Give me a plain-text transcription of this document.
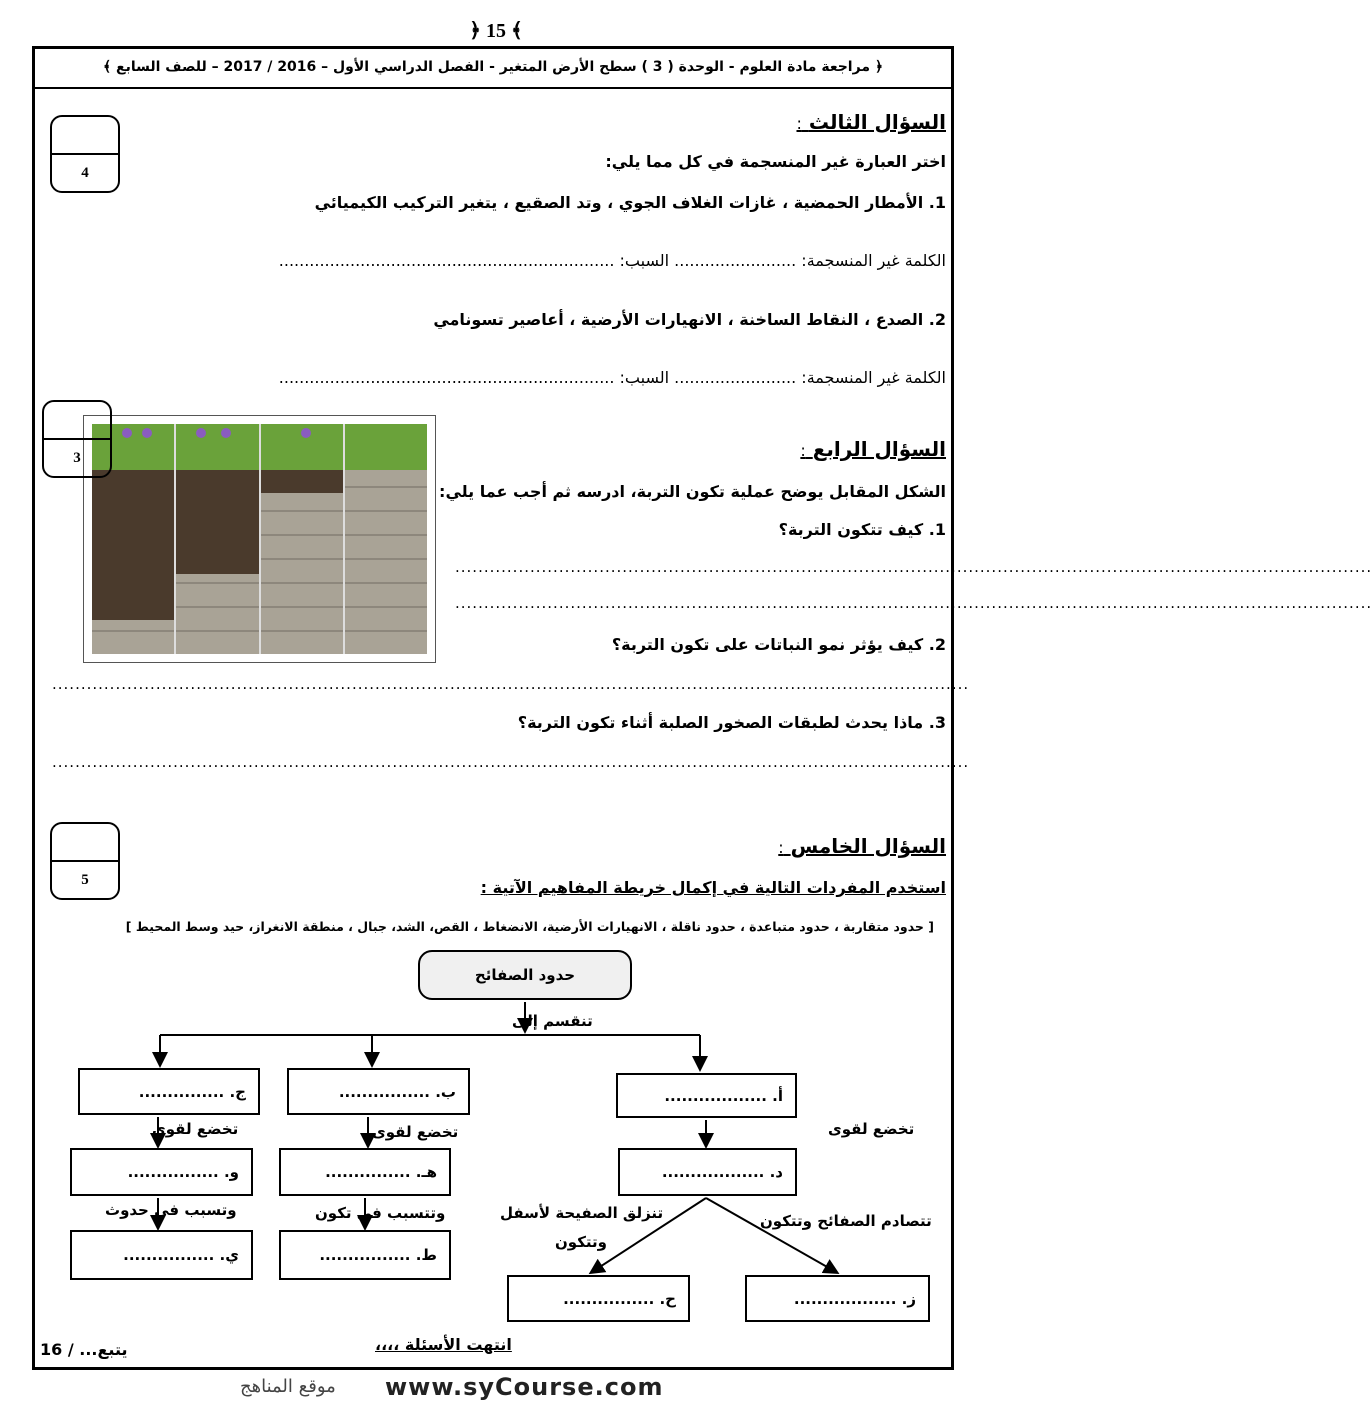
﴿ 15 ﴾
﴿ مراجعة مادة العلوم - الوحدة ( 3 ) سطح الأرض المتغير - الفصل الدراسي الأول – 2016 / 2017 – للصف السابع ﴾
4
السؤال الثالث :
اختر العبارة غير المنسجمة في كل مما يلي:
1. الأمطار الحمضية ، غازات الغلاف الجوي ، وتد الصقيع ، يتغير التركيب الكيميائي
الكلمة غير المنسجمة: ........................ السبب: ..................................................................
2. الصدع ، النقاط الساخنة ، الانهيارات الأرضية ، أعاصير تسونامي
الكلمة غير المنسجمة: ........................ السبب: ..................................................................
3	السؤال الرابع :
الشكل المقابل يوضح عملية تكون التربة، ادرسه ثم أجب عما يلي:
1. كيف تتكون التربة؟
...............................................................................................................................................................
...............................................................................................................................................................
2. كيف يؤثر نمو النباتات على تكون التربة؟
...............................................................................................................................................................
3. ماذا يحدث لطبقات الصخور الصلبة أثناء تكون التربة؟
...............................................................................................................................................................
5
السؤال الخامس :
استخدم المفردات التالية في إكمال خريطة المفاهيم الآتية :
[ حدود متقاربة ، حدود متباعدة ، حدود ناقلة ، الانهيارات الأرضية، الانضغاط ، القص، الشد، جبال ، منطقة الانغراز، حيد وسط المحيط ]
حدود الصفائح
تنقسم إلى
ج. ...............	ب. ................	أ. ..................
تخضع لقوى	تخضع لقوى	تخضع لقوى
و. ................	هـ. ...............	د. ..................
وتسبب في حدوث	وتتسبب في تكون	تنزلق الصفيحة لأسفل
وتتكون
تتصادم الصفائح وتتكون
ي. ................	ط. ................
ح. ................	ز. ..................
يتبع... / 16	انتهت الأسئلة ،،،،
www.syCourse.com
موقع المناهج
